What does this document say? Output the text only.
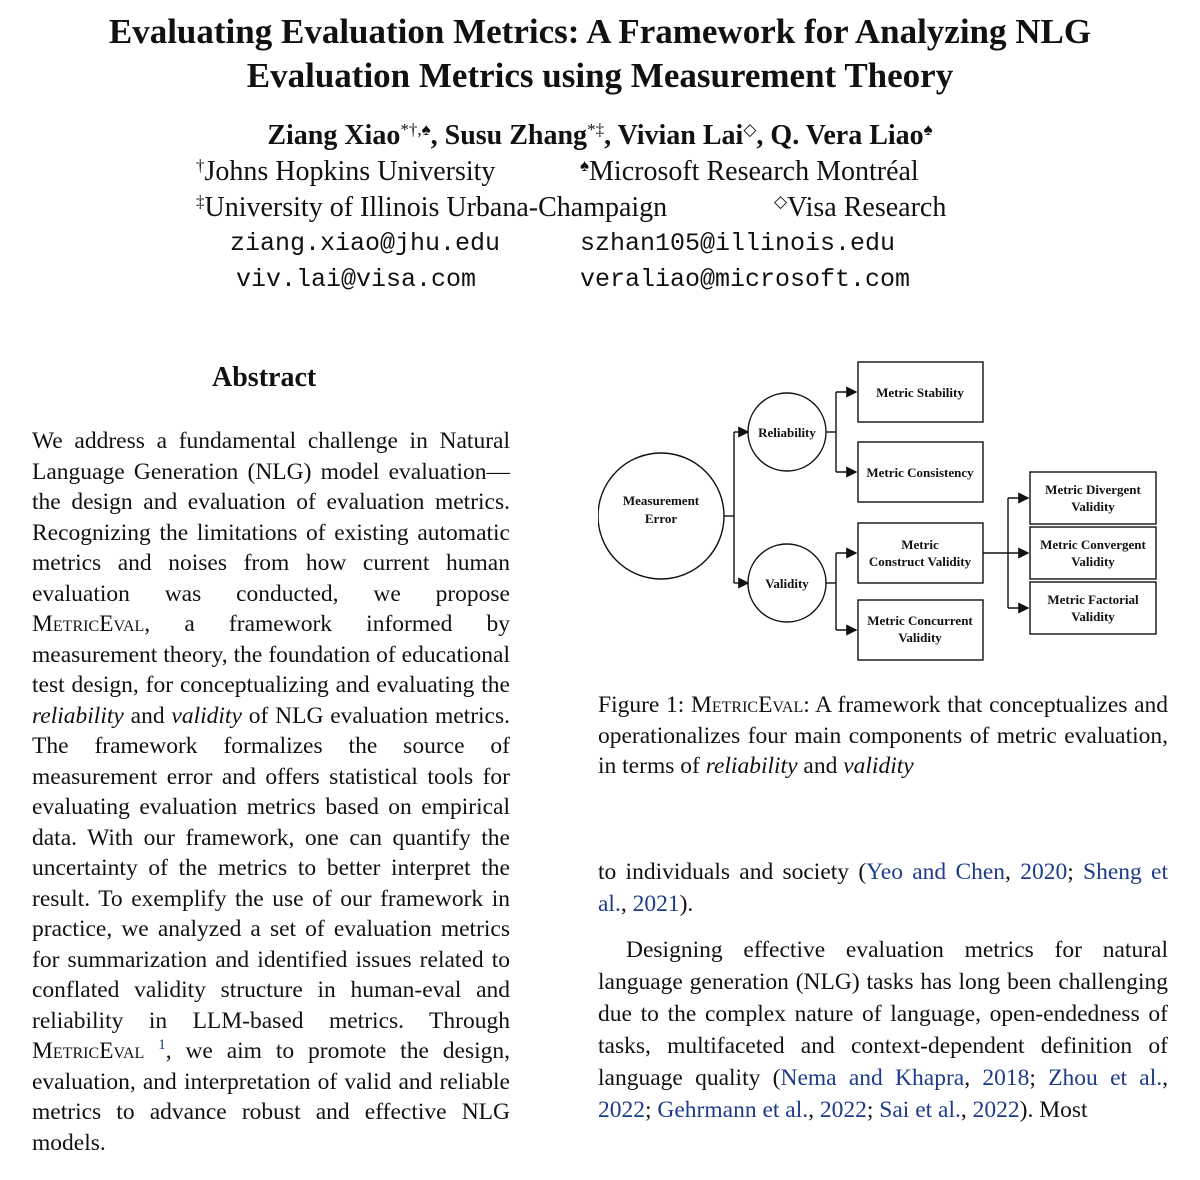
Evaluating Evaluation Metrics: A Framework for Analyzing NLG
Evaluation Metrics using Measurement Theory
Ziang Xiao*†,♠, Susu Zhang*‡, Vivian Lai◇, Q. Vera Liao♠
†Johns Hopkins University	♠Microsoft Research Montréal
‡University of Illinois Urbana-Champaign	◇Visa Research
ziang.xiao@jhu.edu	szhan105@illinois.edu
viv.lai@visa.com	veraliao@microsoft.com
Abstract

We address a fundamental challenge in Natural Language Generation (NLG) model evaluation—the design and evaluation of evaluation metrics. Recognizing the limitations of existing automatic metrics and noises from how current human evaluation was conducted, we propose MetricEval, a framework informed by measurement theory, the foundation of educational test design, for conceptualizing and evaluating the reliability and validity of NLG evaluation metrics. The framework formalizes the source of measurement error and offers statistical tools for evaluating evaluation metrics based on empirical data. With our framework, one can quantify the uncertainty of the metrics to better interpret the result. To exemplify the use of our framework in practice, we analyzed a set of evaluation metrics for summarization and identified issues related to conflated validity structure in human-eval and reliability in LLM-based metrics. Through MetricEval $^1$, we aim to promote the design, evaluation, and interpretation of valid and reliable metrics to advance robust and effective NLG models.

Measurement
Error
Reliability
Validity
Metric Stability
Metric Consistency
Metric
Construct Validity
Metric Concurrent
Validity
Metric Divergent
Validity
Metric Convergent
Validity
Metric Factorial
Validity

Figure 1: MetricEval: A framework that conceptualizes and operationalizes four main components of metric evaluation, in terms of reliability and validity

to individuals and society (Yeo and Chen, 2020; Sheng et al., 2021).

Designing effective evaluation metrics for natural language generation (NLG) tasks has long been challenging due to the complex nature of language, open-endedness of tasks, multifaceted and context-dependent definition of language quality (Nema and Khapra, 2018; Zhou et al., 2022; Gehrmann et al., 2022; Sai et al., 2022). Most
